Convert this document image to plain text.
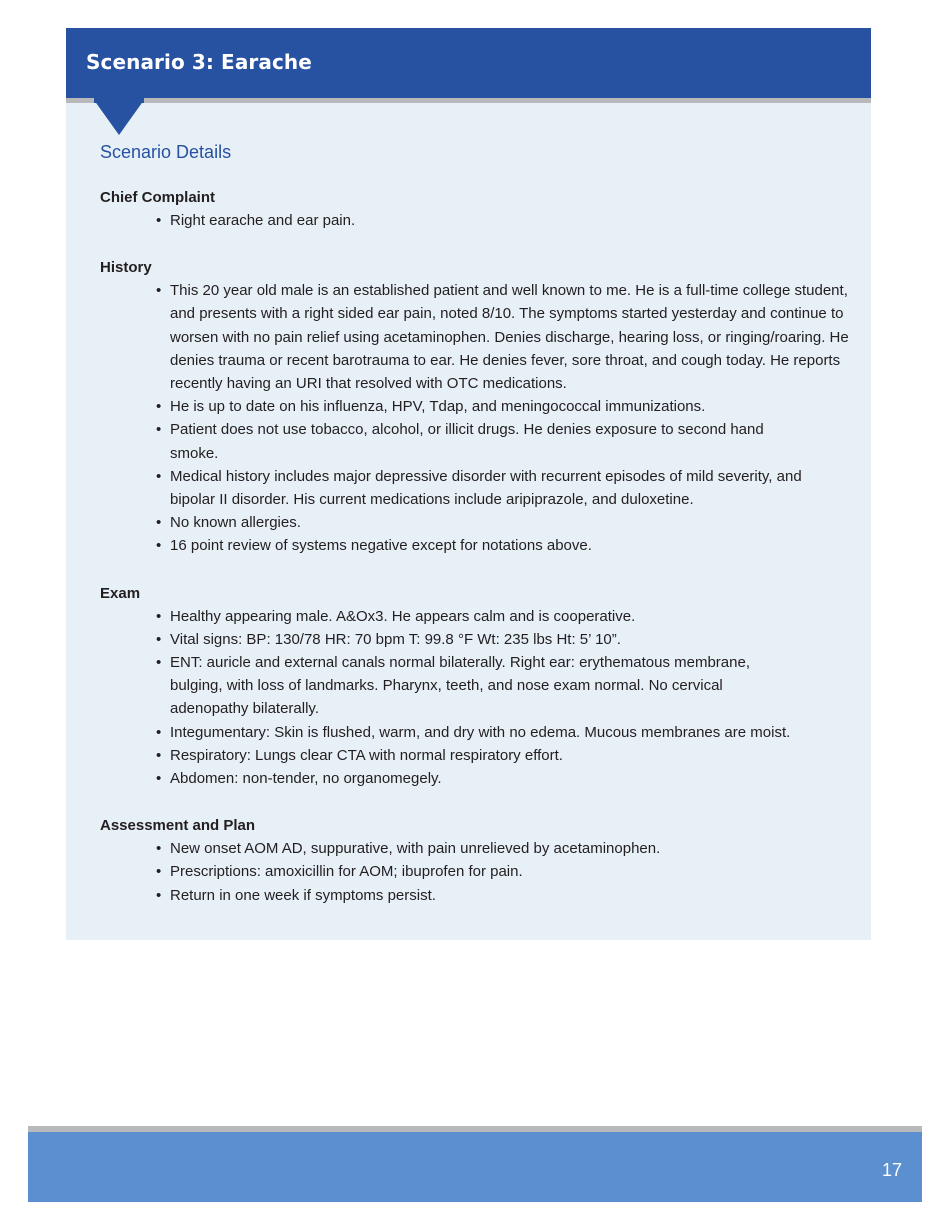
Scenario 3: Earache
Scenario Details
Chief Complaint
• Right earache and ear pain.
History
• This 20 year old male is an established patient and well known to me. He is a full-time college student, and presents with a right sided ear pain, noted 8/10. The symptoms started yesterday and continue to worsen with no pain relief using acetaminophen. Denies discharge, hearing loss, or ringing/roaring. He denies trauma or recent barotrauma to ear. He denies fever, sore throat, and cough today. He reports recently having an URI that resolved with OTC medications.
• He is up to date on his influenza, HPV, Tdap, and meningococcal immunizations.
• Patient does not use tobacco, alcohol, or illicit drugs. He denies exposure to second hand smoke.
• Medical history includes major depressive disorder with recurrent episodes of mild severity, and bipolar II disorder. His current medications include aripiprazole, and duloxetine.
• No known allergies.
• 16 point review of systems negative except for notations above.
Exam
• Healthy appearing male. A&Ox3. He appears calm and is cooperative.
• Vital signs: BP: 130/78 HR: 70 bpm T: 99.8 °F Wt: 235 lbs Ht: 5’ 10”.
• ENT: auricle and external canals normal bilaterally. Right ear: erythematous membrane, bulging, with loss of landmarks. Pharynx, teeth, and nose exam normal. No cervical adenopathy bilaterally.
• Integumentary: Skin is flushed, warm, and dry with no edema. Mucous membranes are moist.
• Respiratory: Lungs clear CTA with normal respiratory effort.
• Abdomen: non-tender, no organomegely.
Assessment and Plan
• New onset AOM AD, suppurative, with pain unrelieved by acetaminophen.
• Prescriptions: amoxicillin for AOM; ibuprofen for pain.
• Return in one week if symptoms persist.
17
